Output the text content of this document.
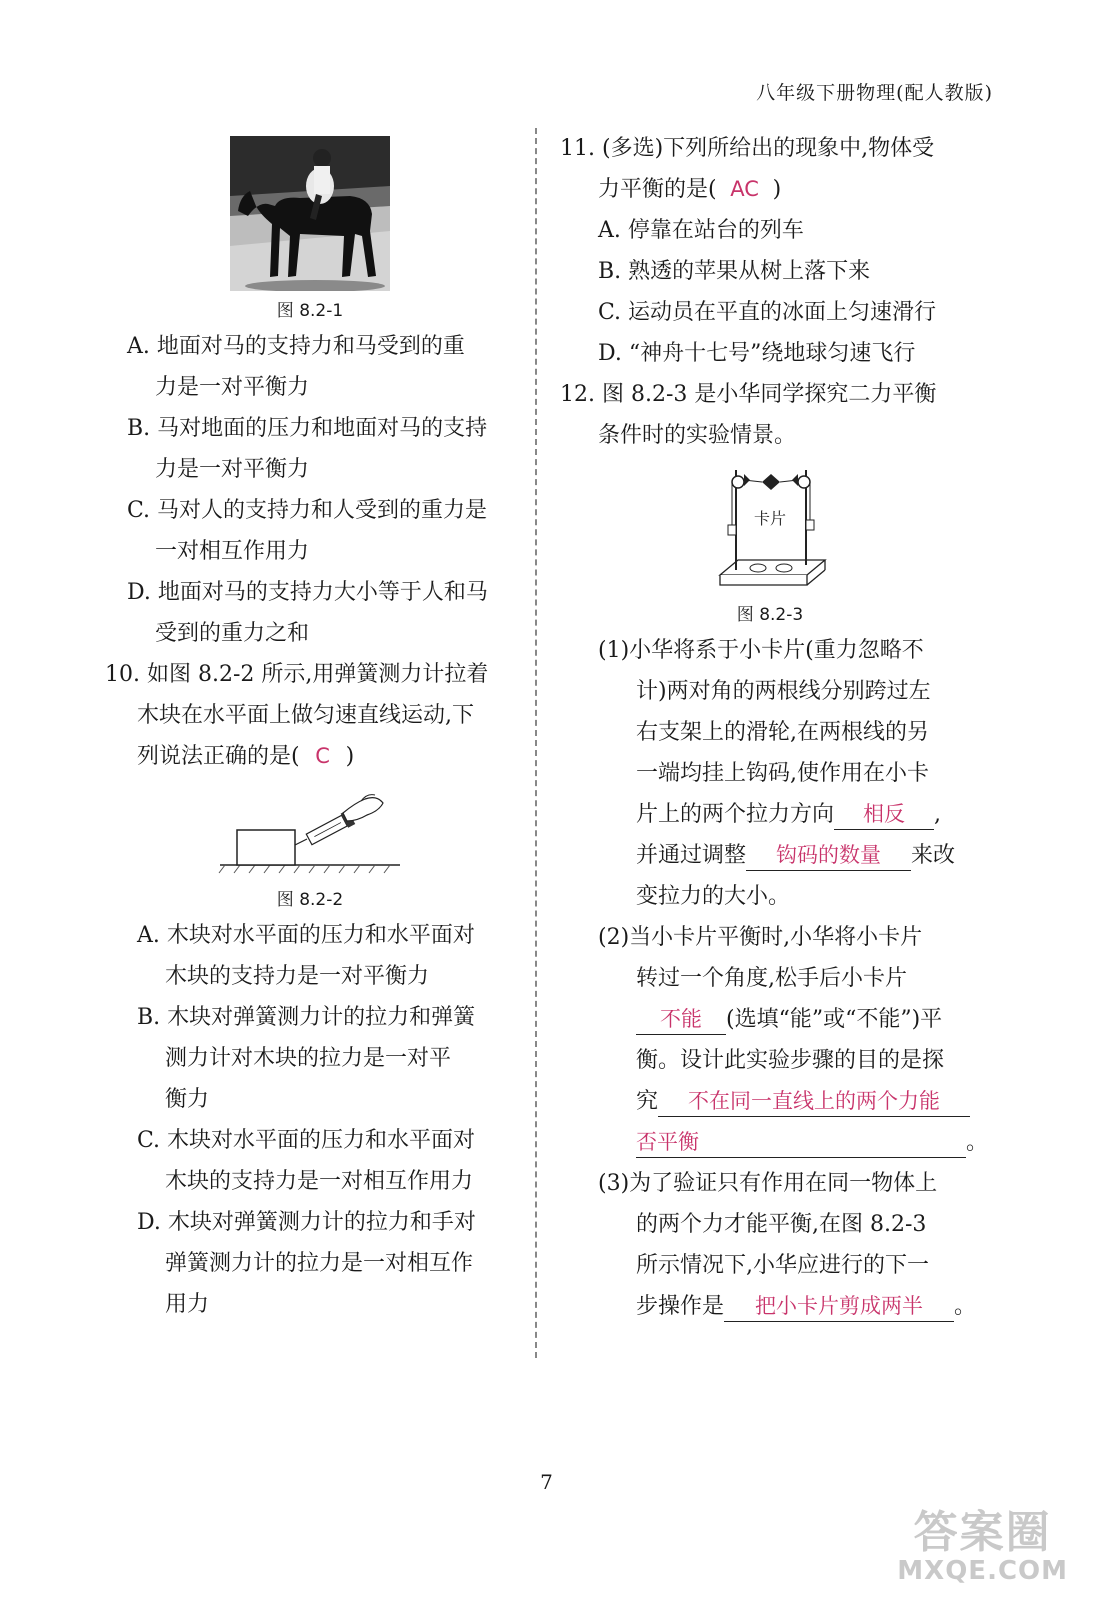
八年级下册物理(配人教版)
图 8.2-1
A. 地面对马的支持力和马受到的重
力是一对平衡力
B. 马对地面的压力和地面对马的支持
力是一对平衡力
C. 马对人的支持力和人受到的重力是
一对相互作用力
D. 地面对马的支持力大小等于人和马
受到的重力之和
10. 如图 8.2-2 所示,用弹簧测力计拉着
木块在水平面上做匀速直线运动,下
列说法正确的是( C )
图 8.2-2
A. 木块对水平面的压力和水平面对
木块的支持力是一对平衡力
B. 木块对弹簧测力计的拉力和弹簧
测力计对木块的拉力是一对平
衡力
C. 木块对水平面的压力和水平面对
木块的支持力是一对相互作用力
D. 木块对弹簧测力计的拉力和手对
弹簧测力计的拉力是一对相互作
用力
11. (多选)下列所给出的现象中,物体受
力平衡的是( AC )
A. 停靠在站台的列车
B. 熟透的苹果从树上落下来
C. 运动员在平直的冰面上匀速滑行
D. “神舟十七号”绕地球匀速飞行
12. 图 8.2-3 是小华同学探究二力平衡
条件时的实验情景。
卡片
图 8.2-3
(1)小华将系于小卡片(重力忽略不
计)两对角的两根线分别跨过左
右支架上的滑轮,在两根线的另
一端均挂上钩码,使作用在小卡
片上的两个拉力方向 相反 ,
并通过调整 钩码的数量 来改
变拉力的大小。
(2)当小卡片平衡时,小华将小卡片
转过一个角度,松手后小卡片
不能 (选填“能”或“不能”)平
衡。设计此实验步骤的目的是探
究 不在同一直线上的两个力能
否平衡	。
(3)为了验证只有作用在同一物体上
的两个力才能平衡,在图 8.2-3
所示情况下,小华应进行的下一
步操作是 把小卡片剪成两半 。
7
答案圈
MXQE.COM
